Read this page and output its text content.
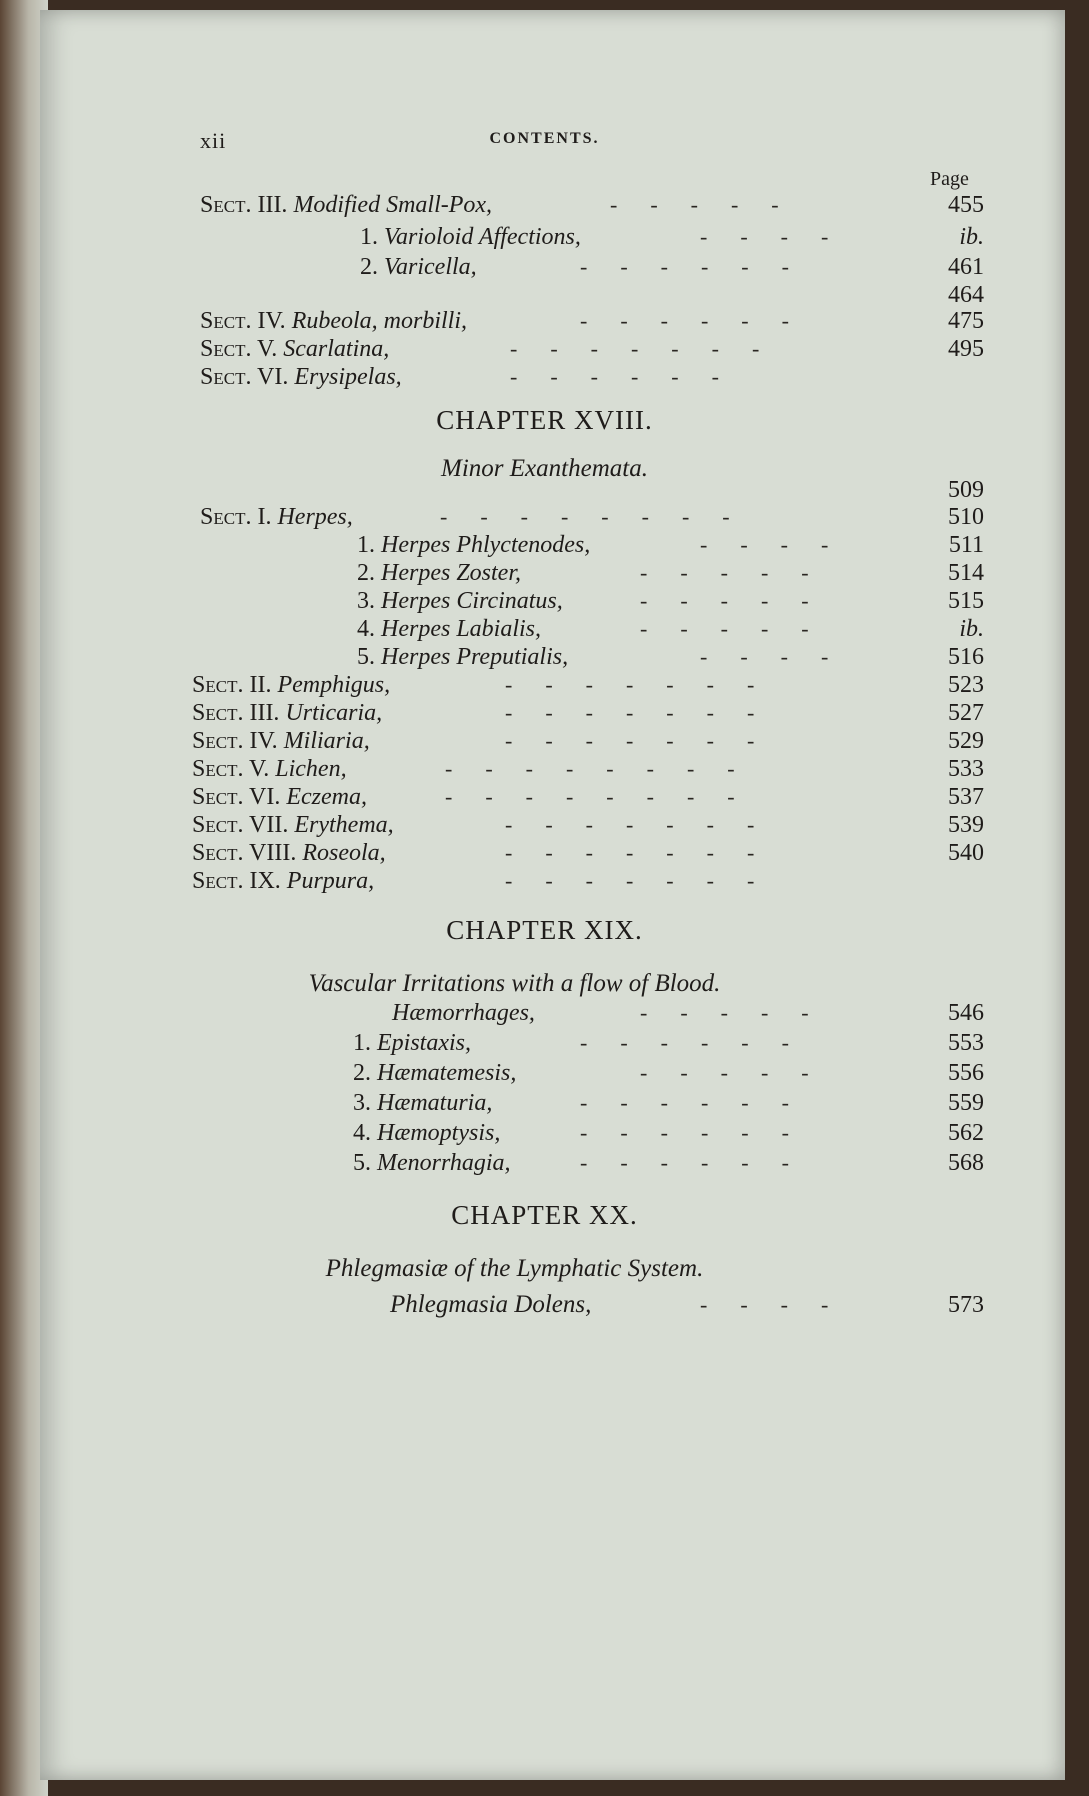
xii	CONTENTS.
Page
Sect. III. Modified Small-Pox,	-      -      -      -      -	455
1. Varioloid Affections,	-      -      -      -	ib.
2. Varicella,	-      -      -      -      -      -	461
464
Sect. IV. Rubeola, morbilli,	-      -      -      -      -      -	475
Sect. V. Scarlatina,	-      -      -      -      -      -      -	495
Sect. VI. Erysipelas,	-      -      -      -      -      -
CHAPTER XVIII.
Minor Exanthemata.
509
Sect. I. Herpes,	-      -      -      -      -      -      -      -	510
1. Herpes Phlyctenodes,	-      -      -      -	511
2. Herpes Zoster,	-      -      -      -      -	514
3. Herpes Circinatus,	-      -      -      -      -	515
4. Herpes Labialis,	-      -      -      -      -	ib.
5. Herpes Preputialis,	-      -      -      -	516
Sect. II. Pemphigus,	-      -      -      -      -      -      -	523
Sect. III. Urticaria,	-      -      -      -      -      -      -	527
Sect. IV. Miliaria,	-      -      -      -      -      -      -	529
Sect. V. Lichen,	-      -      -      -      -      -      -      -	533
Sect. VI. Eczema,	-      -      -      -      -      -      -      -	537
Sect. VII. Erythema,	-      -      -      -      -      -      -	539
Sect. VIII. Roseola,	-      -      -      -      -      -      -	540
Sect. IX. Purpura,	-      -      -      -      -      -      -
CHAPTER XIX.
Vascular Irritations with a flow of Blood.
Hæmorrhages,	-      -      -      -      -	546
1. Epistaxis,	-      -      -      -      -      -	553
2. Hæmatemesis,	-      -      -      -      -	556
3. Hæmaturia,	-      -      -      -      -      -	559
4. Hæmoptysis,	-      -      -      -      -      -	562
5. Menorrhagia,	-      -      -      -      -      -	568
CHAPTER XX.
Phlegmasiæ of the Lymphatic System.
Phlegmasia Dolens,	-      -      -      -	573
